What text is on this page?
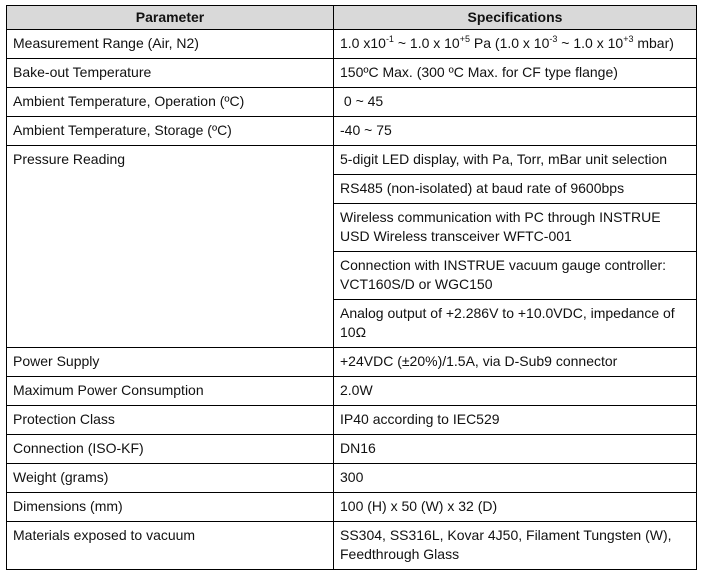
Parameter	Specifications
Measurement Range (Air, N2)	1.0 $x10^{-1}$ ~ 1.0 x $10^{+5}$ Pa (1.0 x $10^{-3}$ ~ 1.0 x $10^{+3}$ mbar)
Bake-out Temperature	150ºC Max. (300 ºC Max. for CF type flange)
Ambient Temperature, Operation (ºC)	0 ~ 45
Ambient Temperature, Storage (ºC)	-40 ~ 75
Pressure Reading	5-digit LED display, with Pa, Torr, mBar unit selection
	RS485 (non-isolated) at baud rate of 9600bps
	Wireless communication with PC through INSTRUE USD Wireless transceiver WFTC-001
	Connection with INSTRUE vacuum gauge controller: VCT160S/D or WGC150
	Analog output of +2.286V to +10.0VDC, impedance of 10Ω
Power Supply	+24VDC (±20%)/1.5A, via D-Sub9 connector
Maximum Power Consumption	2.0W
Protection Class	IP40 according to IEC529
Connection (ISO-KF)	DN16
Weight (grams)	300
Dimensions (mm)	100 (H) x 50 (W) x 32 (D)
Materials exposed to vacuum	SS304, SS316L, Kovar 4J50, Filament Tungsten (W), Feedthrough Glass
